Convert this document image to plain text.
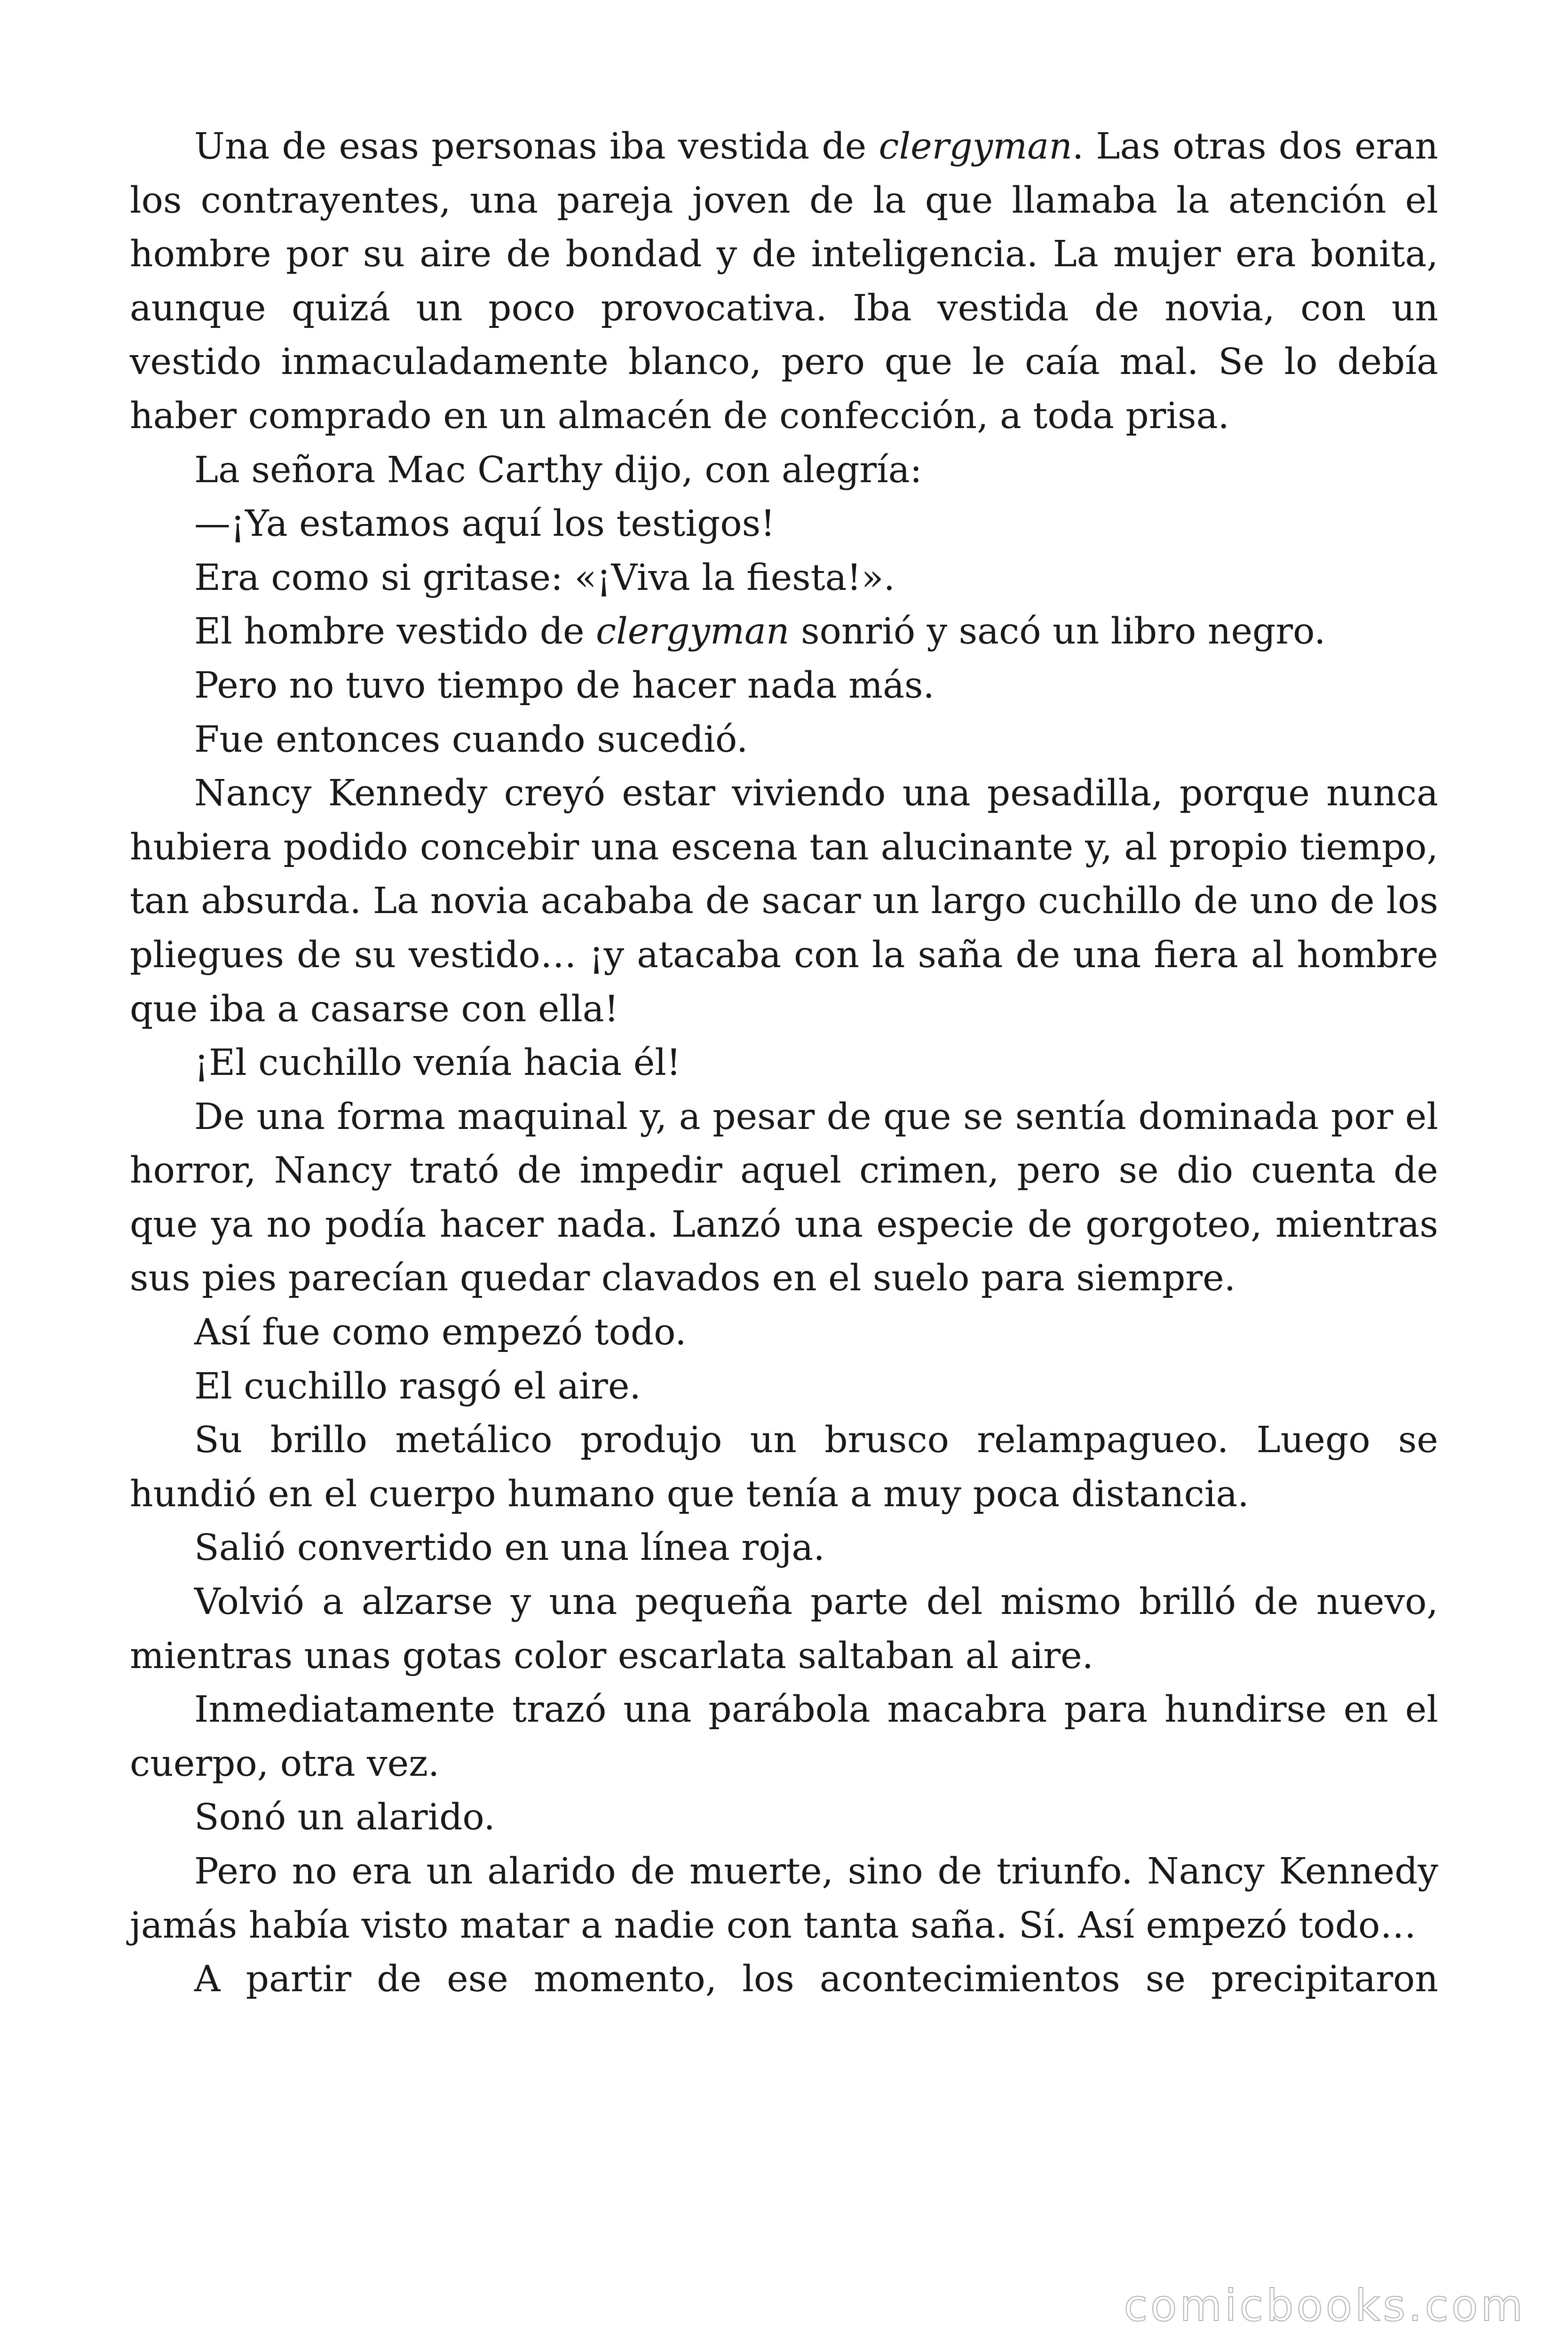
Una de esas personas iba vestida de clergyman. Las otras dos eran los contrayentes, una pareja joven de la que llamaba la atención el hombre por su aire de bondad y de inteligencia. La mujer era bonita, aunque quizá un poco provocativa. Iba vestida de novia, con un vestido inmaculadamente blanco, pero que le caía mal. Se lo debía haber comprado en un almacén de confección, a toda prisa.

La señora Mac Carthy dijo, con alegría:

—¡Ya estamos aquí los testigos!

Era como si gritase: «¡Viva la fiesta!».

El hombre vestido de clergyman sonrió y sacó un libro negro.

Pero no tuvo tiempo de hacer nada más.

Fue entonces cuando sucedió.

Nancy Kennedy creyó estar viviendo una pesadilla, porque nunca hubiera podido concebir una escena tan alucinante y, al propio tiempo, tan absurda. La novia acababa de sacar un largo cuchillo de uno de los pliegues de su vestido… ¡y atacaba con la saña de una fiera al hombre que iba a casarse con ella!

¡El cuchillo venía hacia él!

De una forma maquinal y, a pesar de que se sentía dominada por el horror, Nancy trató de impedir aquel crimen, pero se dio cuenta de que ya no podía hacer nada. Lanzó una especie de gorgoteo, mientras sus pies parecían quedar clavados en el suelo para siempre.

Así fue como empezó todo.

El cuchillo rasgó el aire.

Su brillo metálico produjo un brusco relampagueo. Luego se hundió en el cuerpo humano que tenía a muy poca distancia.

Salió convertido en una línea roja.

Volvió a alzarse y una pequeña parte del mismo brilló de nuevo, mientras unas gotas color escarlata saltaban al aire.

Inmediatamente trazó una parábola macabra para hundirse en el cuerpo, otra vez.

Sonó un alarido.

Pero no era un alarido de muerte, sino de triunfo. Nancy Kennedy jamás había visto matar a nadie con tanta saña. Sí. Así empezó todo…

A partir de ese momento, los acontecimientos se precipitaron

comicbooks.com
